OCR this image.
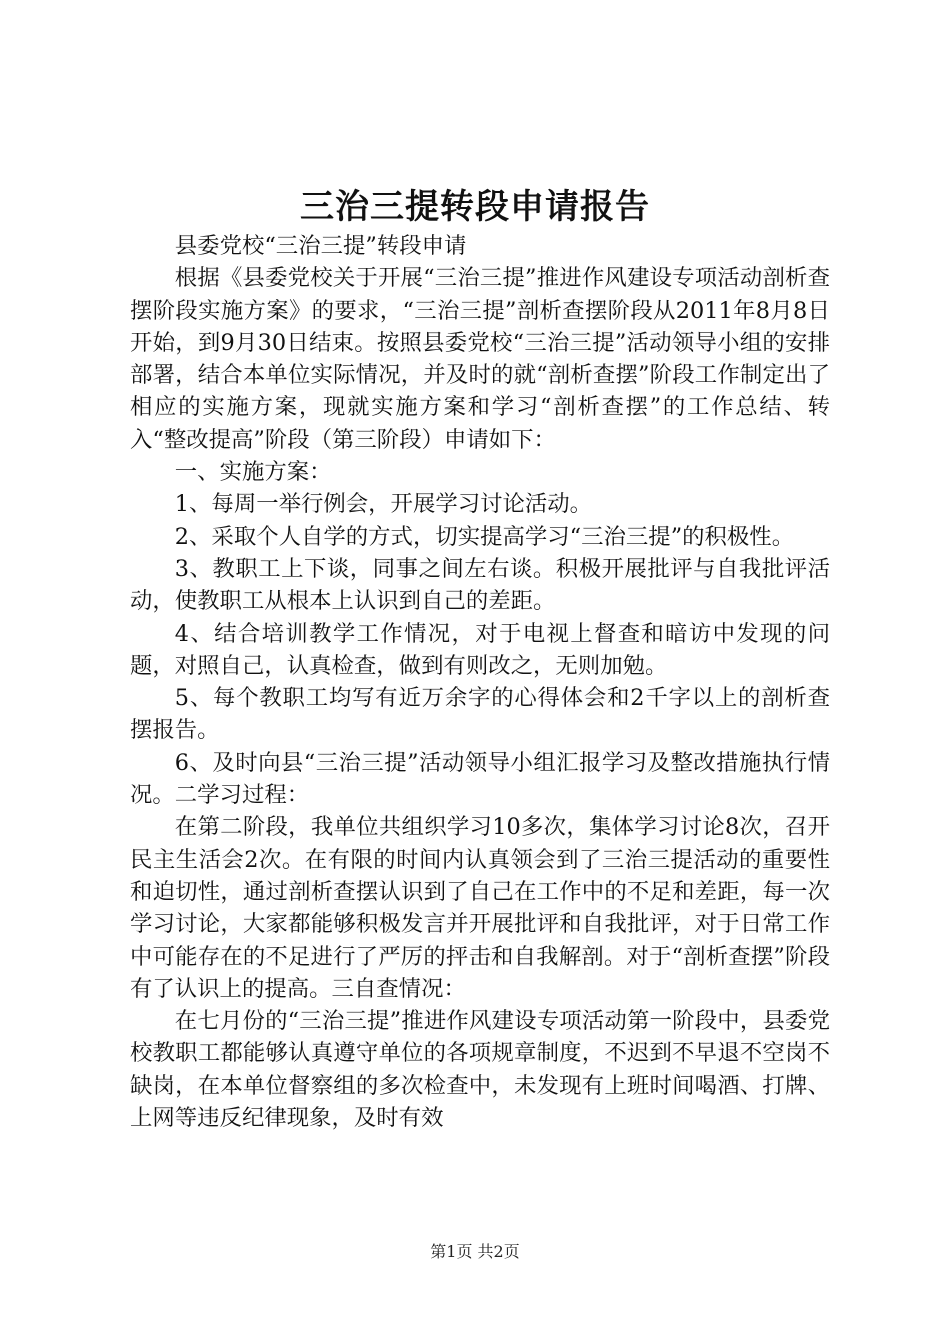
三治三提转段申请报告

县委党校“三治三提”转段申请

根据《县委党校关于开展“三治三提”推进作风建设专项活动剖析查摆阶段实施方案》的要求，“三治三提”剖析查摆阶段从2011年8月8日开始，到9月30日结束。按照县委党校“三治三提”活动领导小组的安排部署，结合本单位实际情况，并及时的就“剖析查摆”阶段工作制定出了相应的实施方案，现就实施方案和学习“剖析查摆”的工作总结、转入“整改提高”阶段（第三阶段）申请如下：

一、实施方案：

1、每周一举行例会，开展学习讨论活动。

2、采取个人自学的方式，切实提高学习“三治三提”的积极性。

3、教职工上下谈，同事之间左右谈。积极开展批评与自我批评活动，使教职工从根本上认识到自己的差距。

4、结合培训教学工作情况，对于电视上督查和暗访中发现的问题，对照自己，认真检查，做到有则改之，无则加勉。

5、每个教职工均写有近万余字的心得体会和2千字以上的剖析查摆报告。

6、及时向县“三治三提”活动领导小组汇报学习及整改措施执行情况。二学习过程：

在第二阶段，我单位共组织学习10多次，集体学习讨论8次，召开民主生活会2次。在有限的时间内认真领会到了三治三提活动的重要性和迫切性，通过剖析查摆认识到了自己在工作中的不足和差距，每一次学习讨论，大家都能够积极发言并开展批评和自我批评，对于日常工作中可能存在的不足进行了严厉的抨击和自我解剖。对于“剖析查摆”阶段有了认识上的提高。三自查情况：

在七月份的“三治三提”推进作风建设专项活动第一阶段中，县委党校教职工都能够认真遵守单位的各项规章制度，不迟到不早退不空岗不缺岗，在本单位督察组的多次检查中，未发现有上班时间喝酒、打牌、上网等违反纪律现象，及时有效

第1页 共2页
